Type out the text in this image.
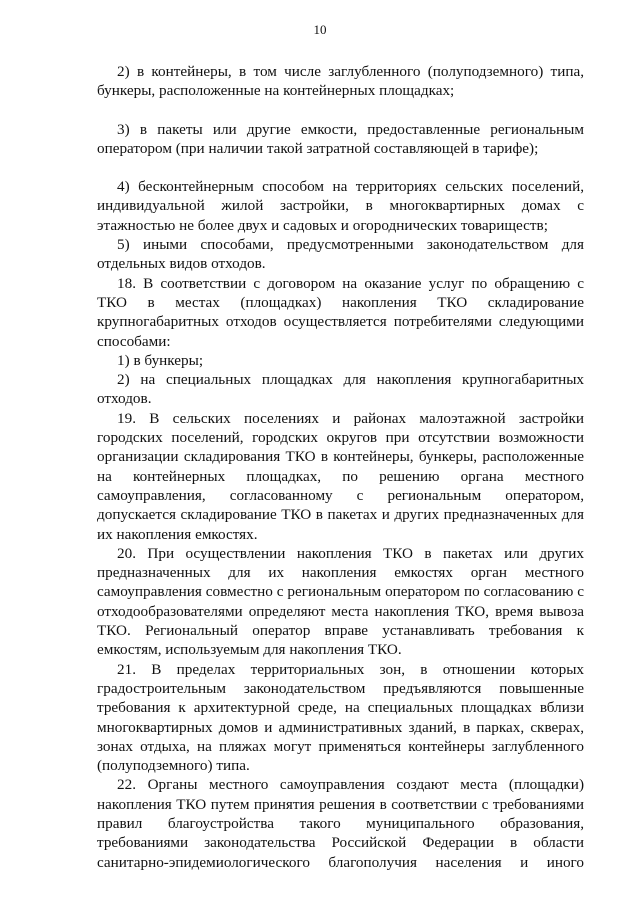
10

2) в контейнеры, в том числе заглубленного (полуподземного) типа, бункеры, расположенные на контейнерных площадках;

3) в пакеты или другие емкости, предоставленные региональным оператором (при наличии такой затратной составляющей в тарифе);

4) бесконтейнерным способом на территориях сельских поселений, индивидуальной жилой застройки, в многоквартирных домах с этажностью не более двух и садовых и огороднических товариществ;

5) иными способами, предусмотренными законодательством для отдельных видов отходов.

18. В соответствии с договором на оказание услуг по обращению с ТКО в местах (площадках) накопления ТКО складирование крупногабаритных отходов осуществляется потребителями следующими способами:

1) в бункеры;

2) на специальных площадках для накопления крупногабаритных отходов.

19. В сельских поселениях и районах малоэтажной застройки городских поселений, городских округов при отсутствии возможности организации складирования ТКО в контейнеры, бункеры, расположенные на контейнерных площадках, по решению органа местного самоуправления, согласованному с региональным оператором, допускается складирование ТКО в пакетах и других предназначенных для их накопления емкостях.

20. При осуществлении накопления ТКО в пакетах или других предназначенных для их накопления емкостях орган местного самоуправления совместно с региональным оператором по согласованию с отходообразователями определяют места накопления ТКО, время вывоза ТКО. Региональный оператор вправе устанавливать требования к емкостям, используемым для накопления ТКО.

21. В пределах территориальных зон, в отношении которых градостроительным законодательством предъявляются повышенные требования к архитектурной среде, на специальных площадках вблизи многоквартирных домов и административных зданий, в парках, скверах, зонах отдыха, на пляжах могут применяться контейнеры заглубленного (полуподземного) типа.

22. Органы местного самоуправления создают места (площадки) накопления ТКО путем принятия решения в соответствии с требованиями правил благоустройства такого муниципального образования, требованиями законодательства Российской Федерации в области санитарно-эпидемиологического благополучия населения и иного
